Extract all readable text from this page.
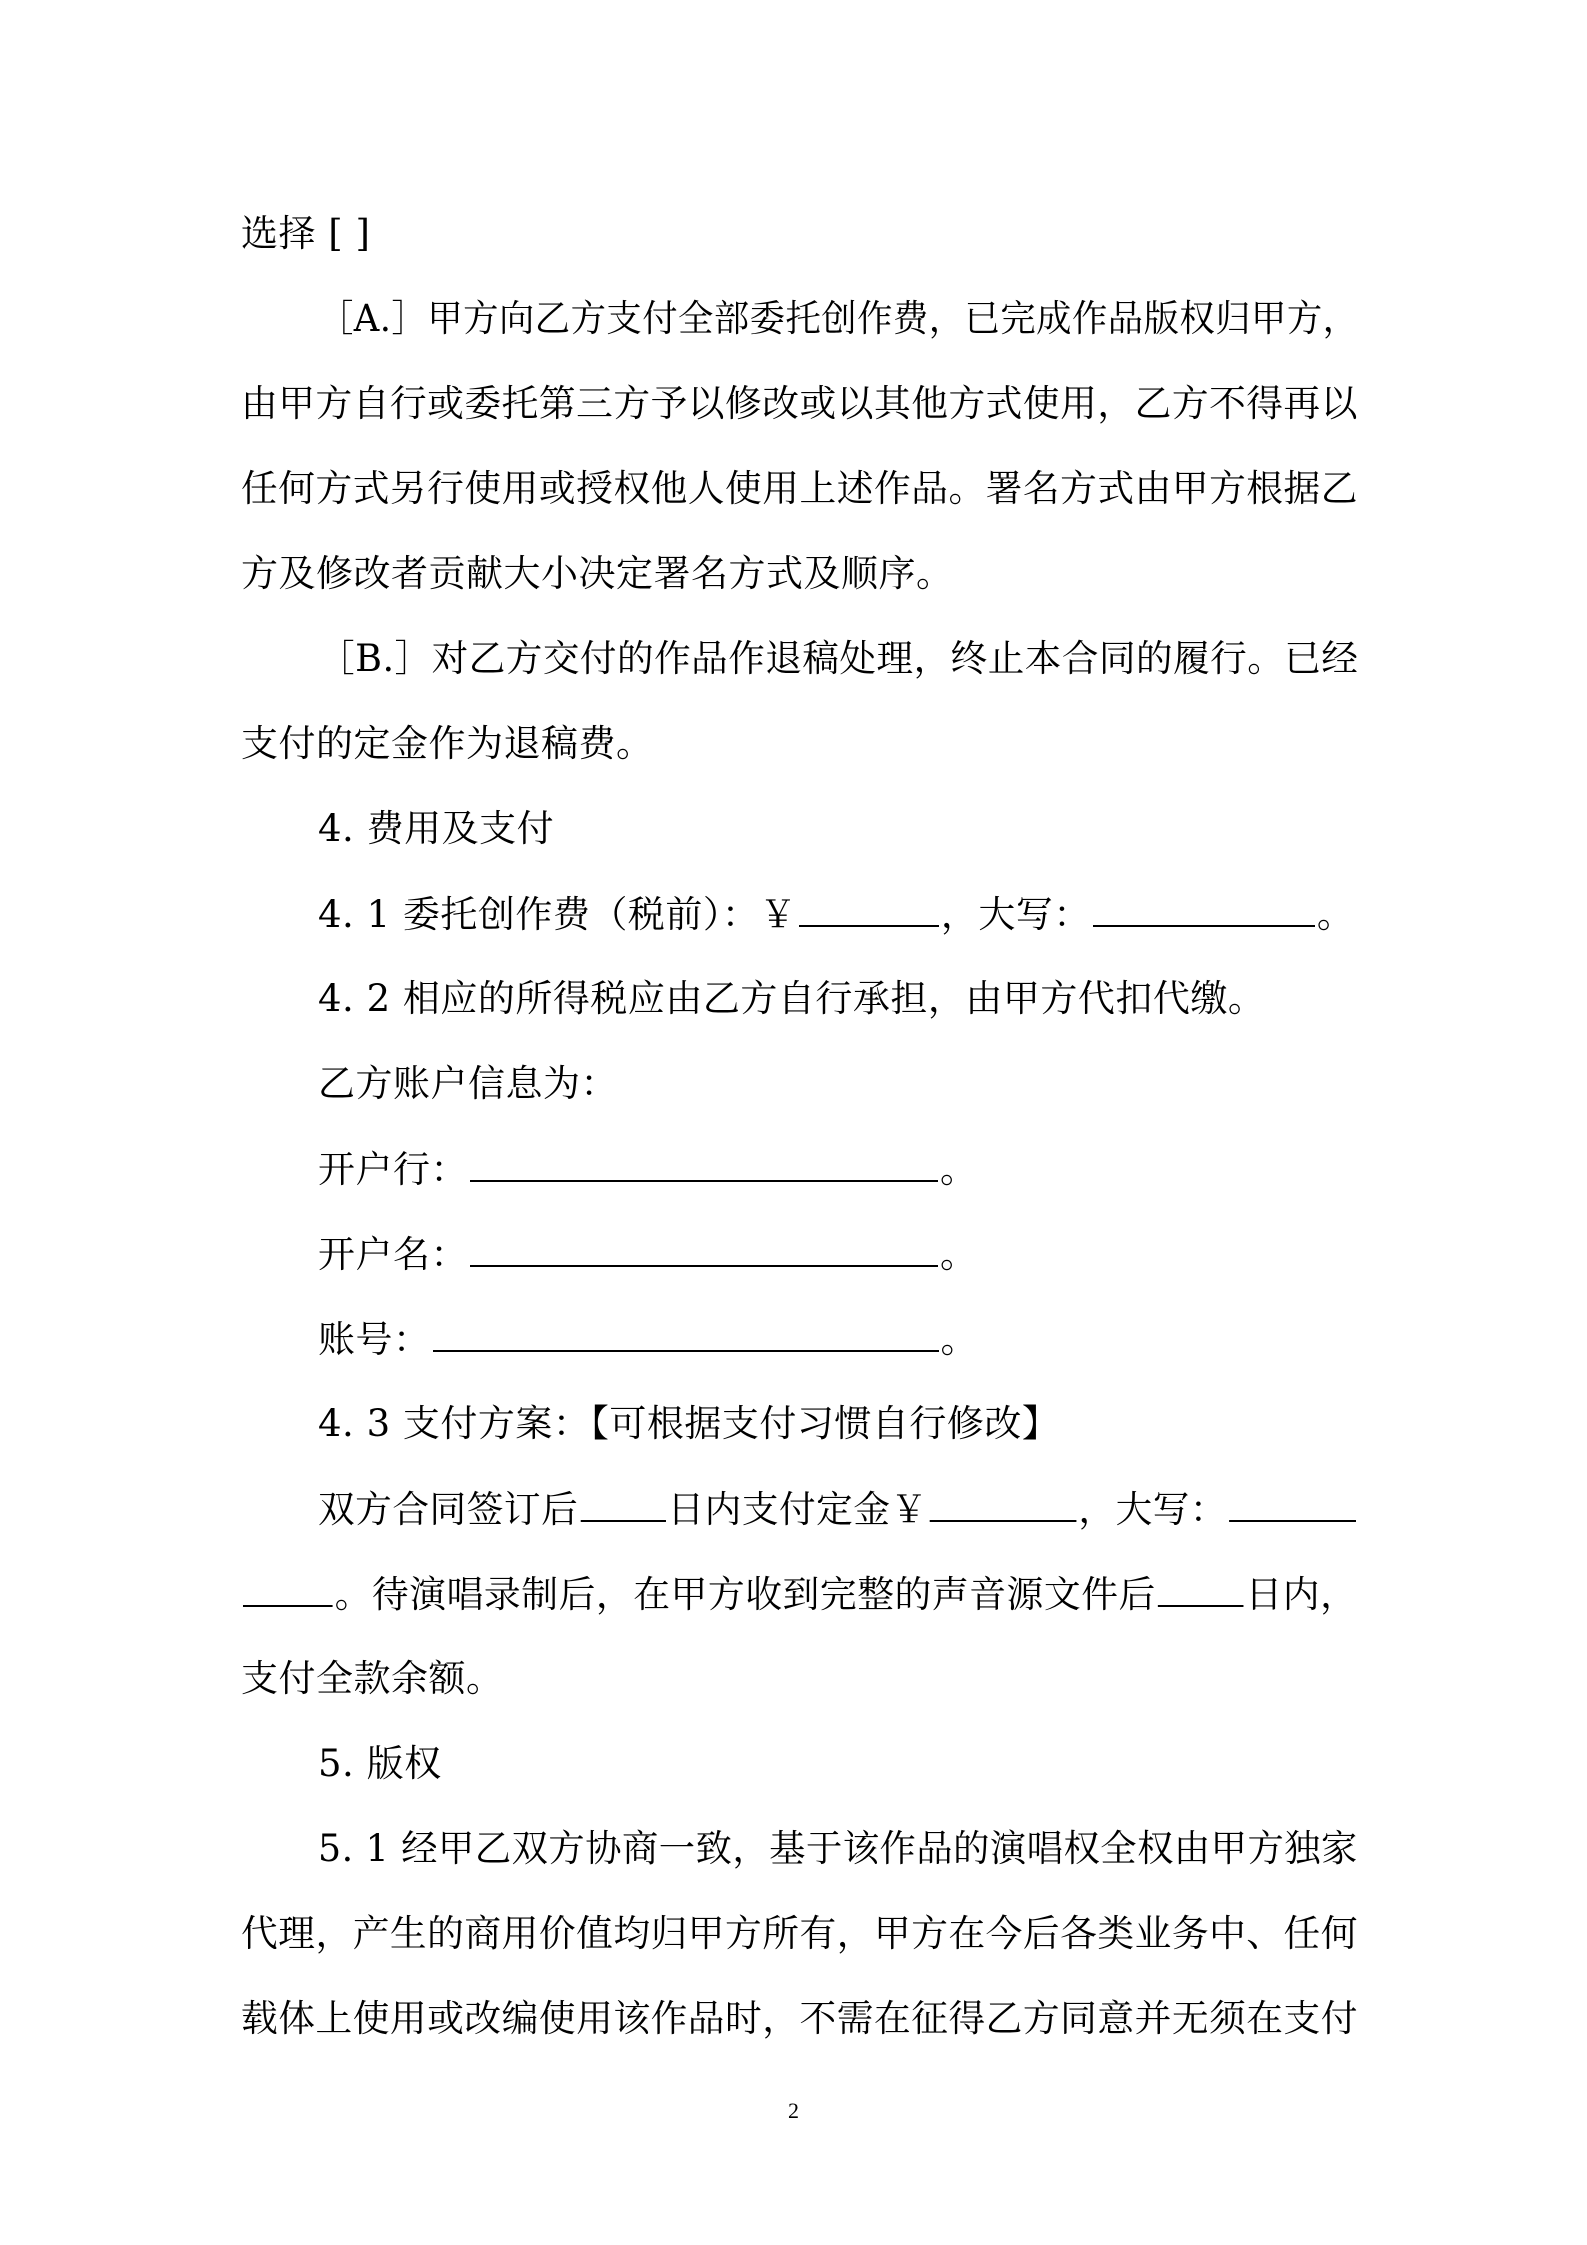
选择 [ ]
［A.］甲方向乙方支付全部委托创作费，已完成作品版权归甲方，
由甲方自行或委托第三方予以修改或以其他方式使用，乙方不得再以
任何方式另行使用或授权他人使用上述作品。署名方式由甲方根据乙
方及修改者贡献大小决定署名方式及顺序。
［B.］对乙方交付的作品作退稿处理，终止本合同的履行。已经
支付的定金作为退稿费。
4. 费用及支付
4. 1 委托创作费（税前）：￥	，大写：	。
4. 2 相应的所得税应由乙方自行承担，由甲方代扣代缴。
乙方账户信息为：
开户行：	。
开户名：	。
账号：	。
4. 3 支付方案：【可根据支付习惯自行修改】
双方合同签订后 日内支付定金￥	，大写：
。待演唱录制后，在甲方收到完整的声音源文件后 日内，
支付全款余额。
5. 版权
5. 1 经甲乙双方协商一致，基于该作品的演唱权全权由甲方独家
代理，产生的商用价值均归甲方所有，甲方在今后各类业务中、任何
载体上使用或改编使用该作品时，不需在征得乙方同意并无须在支付
2
